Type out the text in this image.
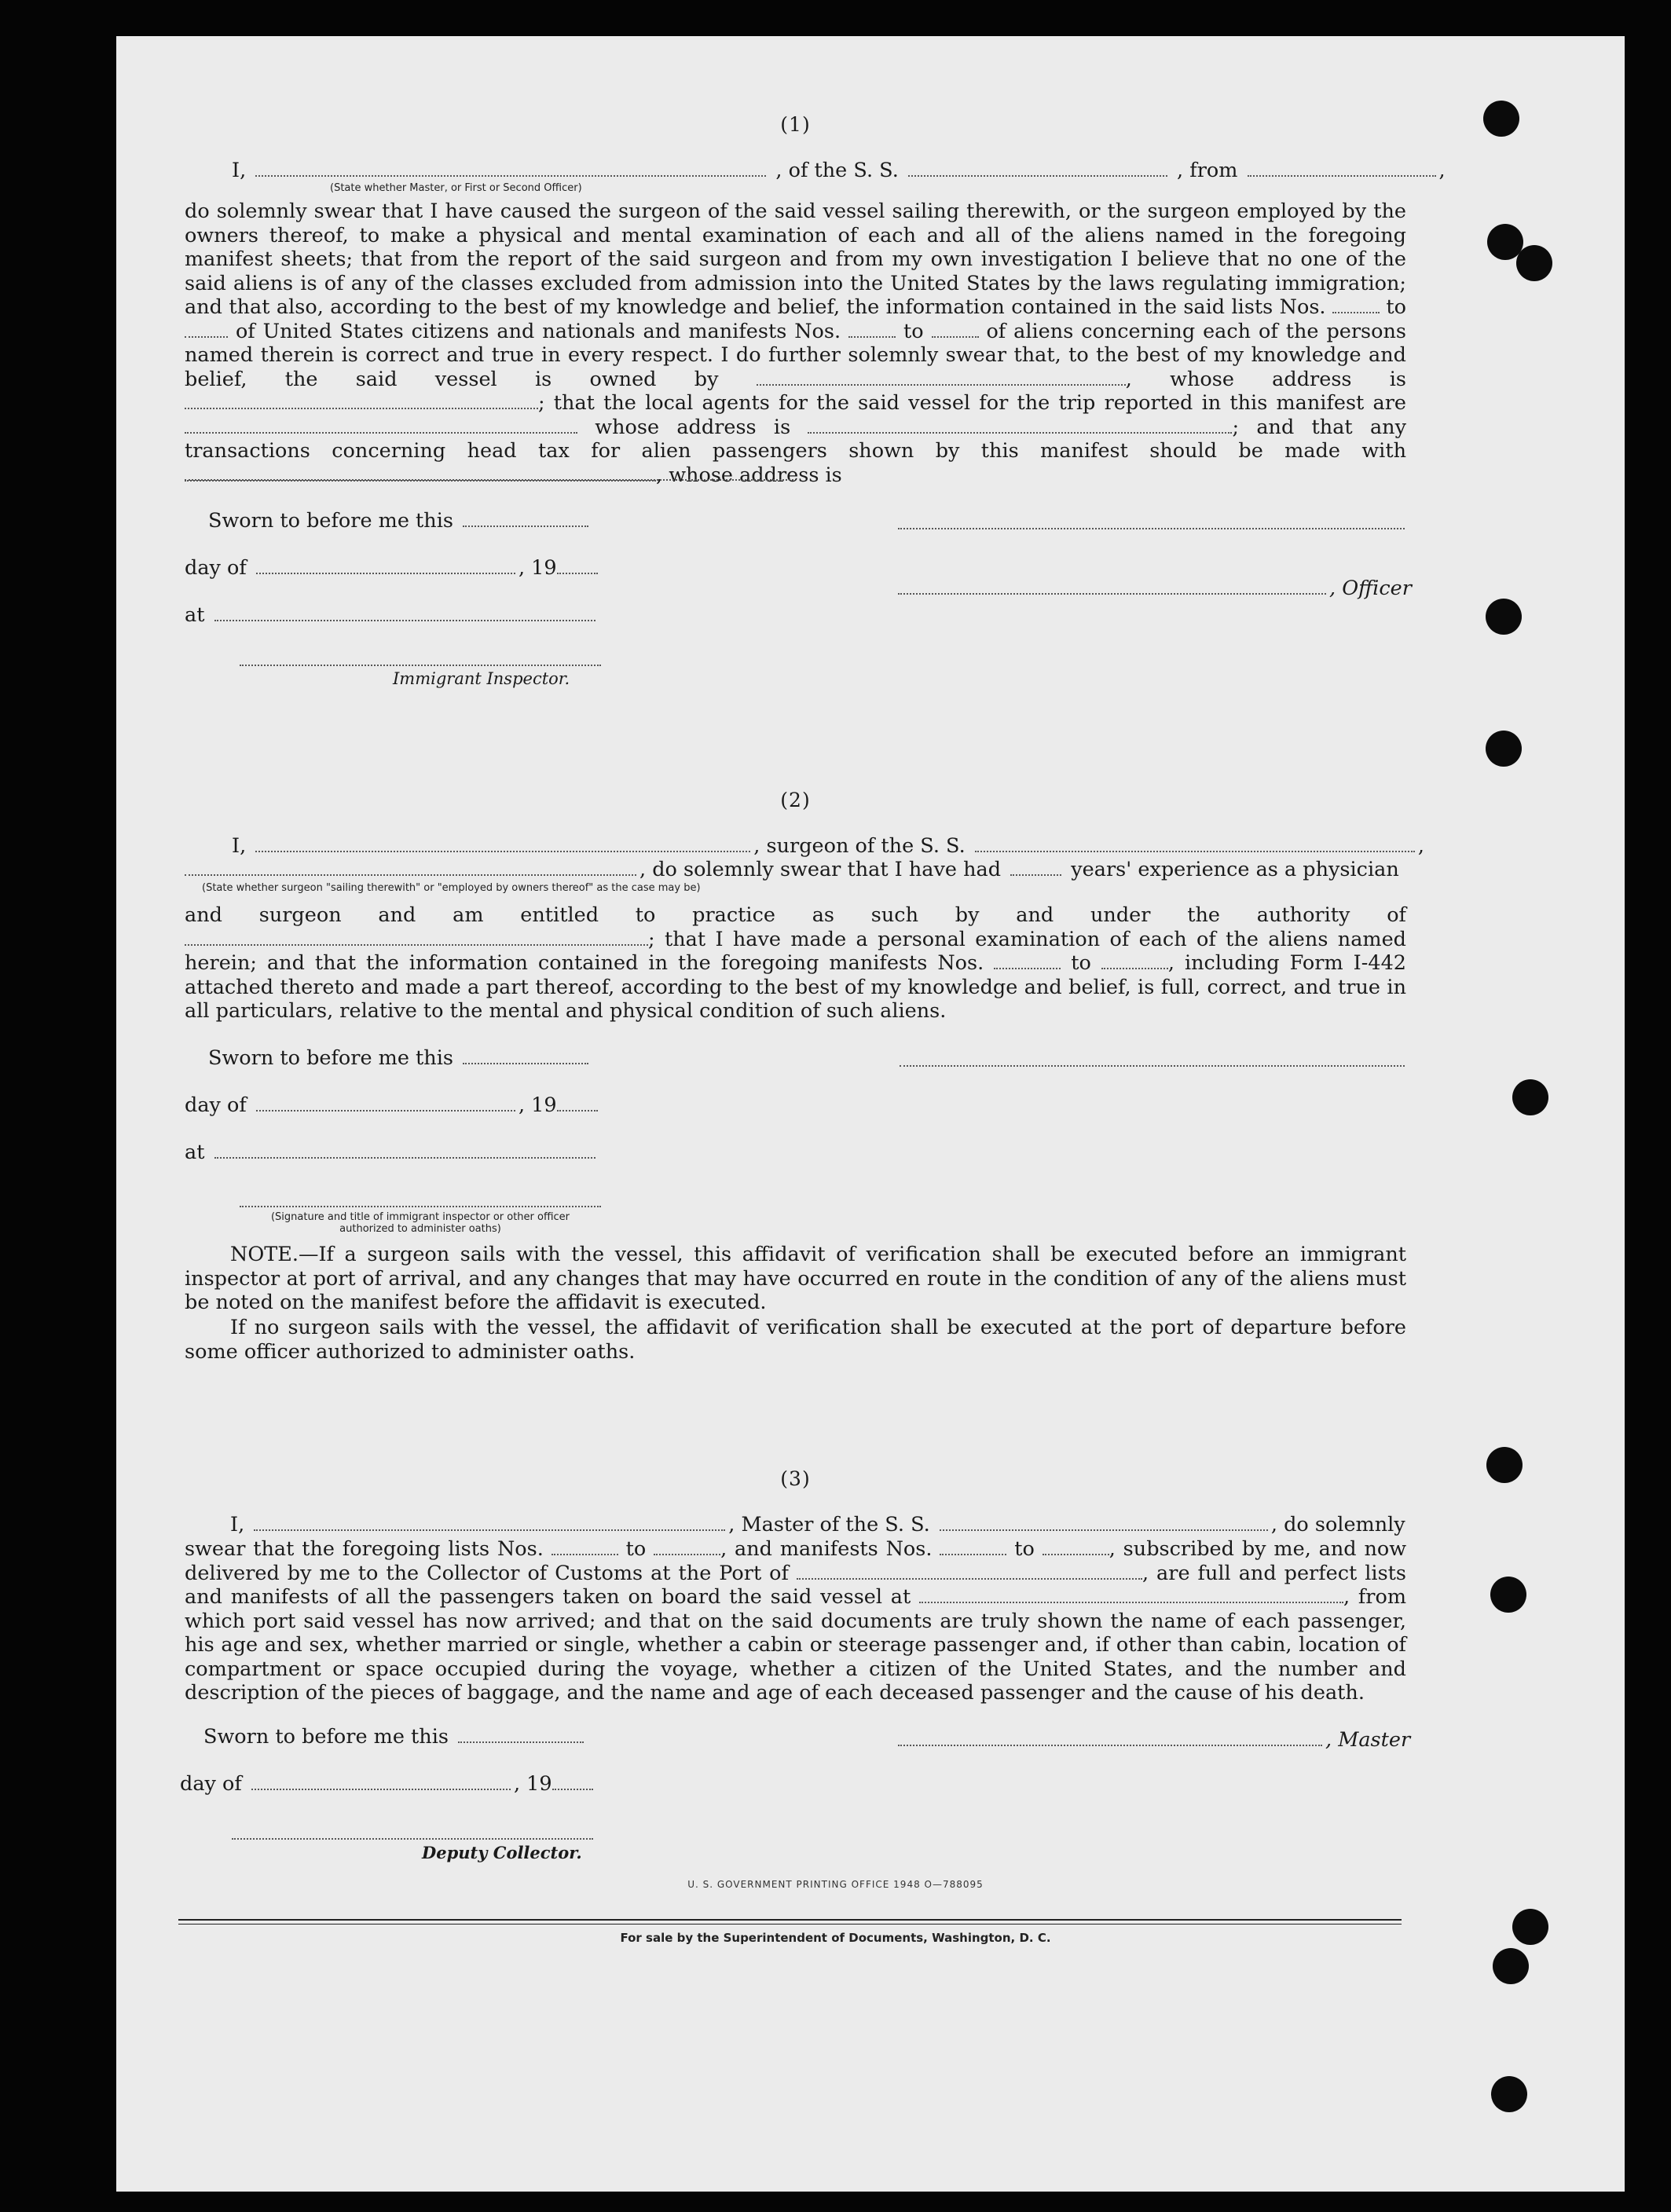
(1)
I,	, of the S. S.	, from	,
(State whether Master, or First or Second Officer)
do solemnly swear that I have caused the surgeon of the said vessel sailing therewith, or the surgeon employed by the owners thereof, to make a physical and mental examination of each and all of the aliens named in the foregoing manifest sheets; that from the report of the said surgeon and from my own investigation I believe that no one of the said aliens is of any of the classes excluded from admission into the United States by the laws regulating immigration; and that also, according to the best of my knowledge and belief, the information contained in the said lists Nos.	to  of United States citizens and nationals and manifests Nos.	to	of aliens concerning each of the persons named therein is correct and true in every respect. I do further solemnly swear that, to the best of my knowledge and belief, the said vessel is owned by	, whose address is ; that the local agents for the said vessel for the trip reported in this manifest are  whose address is	; and that any transactions concerning head tax for alien passengers shown by this manifest should be made with , whose address is
Sworn to before me this
day of	, 19
, Officer
at
Immigrant Inspector.
(2)
I,	, surgeon of the S. S.	,
, do solemnly swear that I have had	years' experience as a physician
(State whether surgeon "sailing therewith" or "employed by owners thereof" as the case may be)
and surgeon and am entitled to practice as such by and under the authority of ; that I have made a personal examination of each of the aliens named herein; and that the information contained in the foregoing manifests Nos.	to	, including Form I-442 attached thereto and made a part thereof, according to the best of my knowledge and belief, is full, correct, and true in all particulars, relative to the mental and physical condition of such aliens.
Sworn to before me this
day of	, 19
at
(Signature and title of immigrant inspector or other officer authorized to administer oaths)
NOTE.—If a surgeon sails with the vessel, this affidavit of verification shall be executed before an immigrant inspector at port of arrival, and any changes that may have occurred en route in the condition of any of the aliens must be noted on the manifest before the affidavit is executed.
If no surgeon sails with the vessel, the affidavit of verification shall be executed at the port of departure before some officer authorized to administer oaths.
(3)
I,	, Master of the S. S.	, do solemnly
swear that the foregoing lists Nos.	to	, and manifests Nos.	to	, subscribed by me, and now delivered by me to the Collector of Customs at the Port of	, are full and perfect lists and manifests of all the passengers taken on board the said vessel at	, from which port said vessel has now arrived; and that on the said documents are truly shown the name of each passenger, his age and sex, whether married or single, whether a cabin or steerage passenger and, if other than cabin, location of compartment or space occupied during the voyage, whether a citizen of the United States, and the number and description of the pieces of baggage, and the name and age of each deceased passenger and the cause of his death.
Sworn to before me this	, Master
day of	, 19
Deputy Collector.
U. S. GOVERNMENT PRINTING OFFICE 1948 O—788095
For sale by the Superintendent of Documents, Washington, D. C.
